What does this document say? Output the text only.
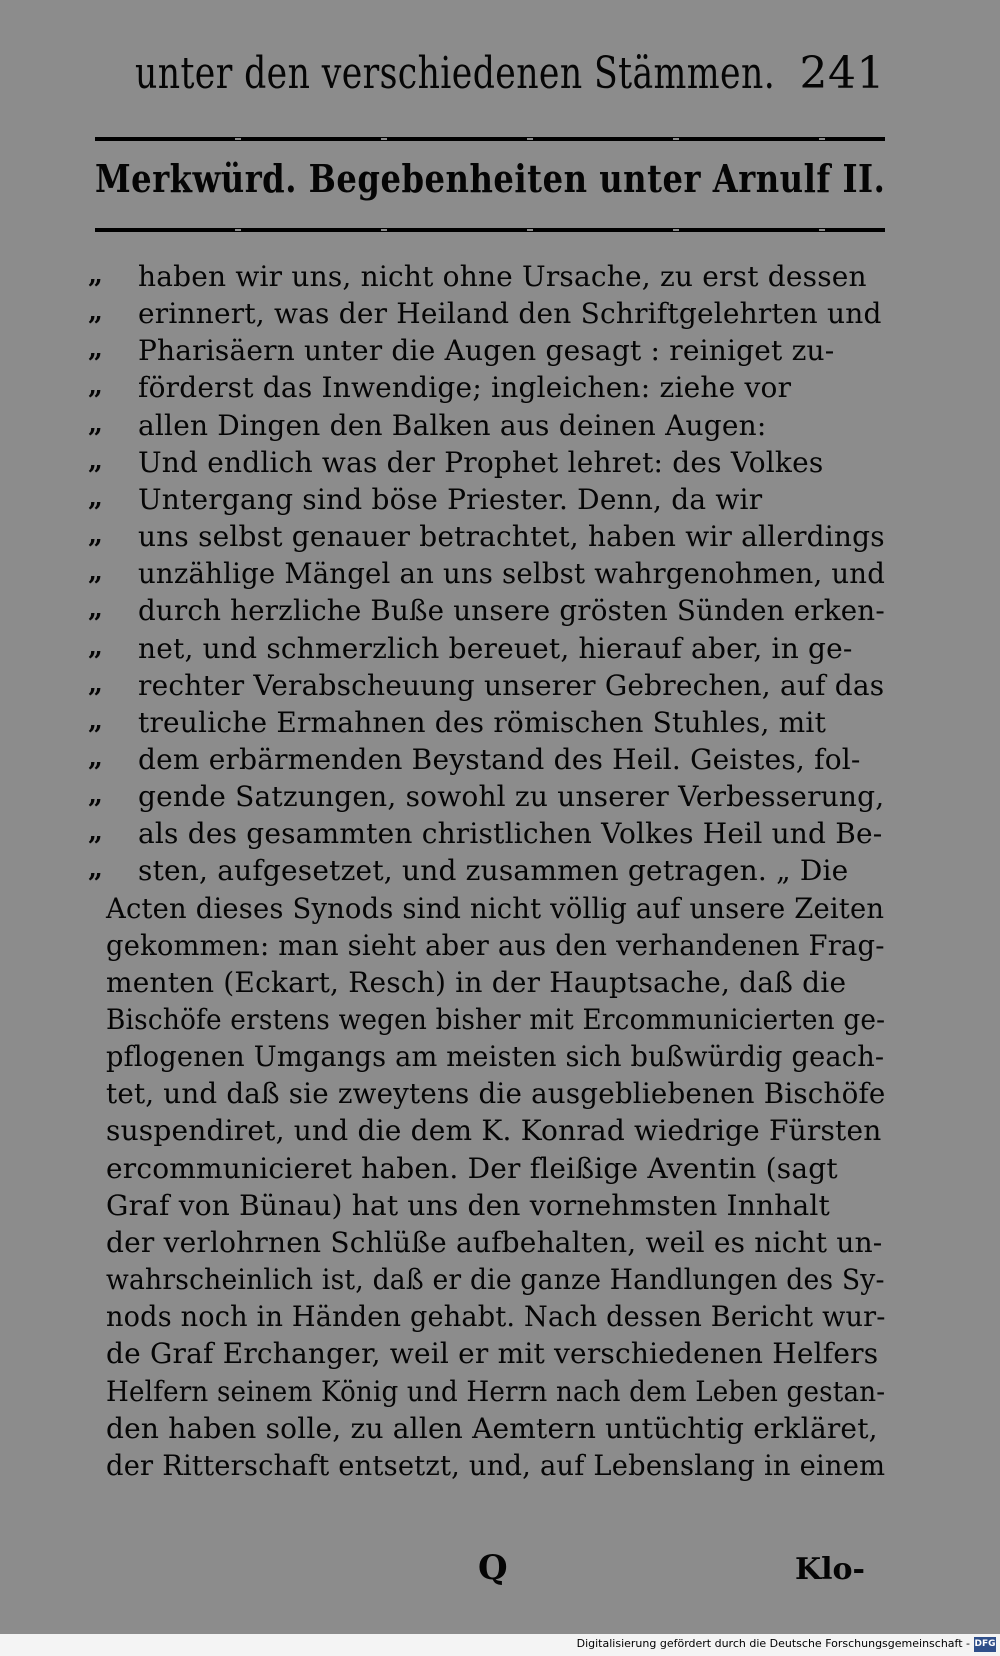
unter den verschiedenen Stämmen. 241
Merkwürd. Begebenheiten unter Arnulf II.
„ haben wir uns, nicht ohne Ursache, zu erst dessen
„ erinnert, was der Heiland den Schriftgelehrten und
„ Pharisäern unter die Augen gesagt : reiniget zu-
„ förderst das Inwendige; ingleichen: ziehe vor
„ allen Dingen den Balken aus deinen Augen:
„ Und endlich was der Prophet lehret: des Volkes
„ Untergang sind böse Priester. Denn, da wir
„ uns selbst genauer betrachtet, haben wir allerdings
„ unzählige Mängel an uns selbst wahrgenohmen, und
„ durch herzliche Buße unsere grösten Sünden erken-
„ net, und schmerzlich bereuet, hierauf aber, in ge-
„ rechter Verabscheuung unserer Gebrechen, auf das
„ treuliche Ermahnen des römischen Stuhles, mit
„ dem erbärmenden Beystand des Heil. Geistes, fol-
„ gende Satzungen, sowohl zu unserer Verbesserung,
„ als des gesammten christlichen Volkes Heil und Be-
„ sten, aufgesetzet, und zusammen getragen. „ Die
Acten dieses Synods sind nicht völlig auf unsere Zeiten
gekommen: man sieht aber aus den verhandenen Frag-
menten (Eckart, Resch) in der Hauptsache, daß die
Bischöfe erstens wegen bisher mit Ercommunicierten ge-
pflogenen Umgangs am meisten sich bußwürdig geach-
tet, und daß sie zweytens die ausgebliebenen Bischöfe
suspendiret, und die dem K. Konrad wiedrige Fürsten
ercommunicieret haben. Der fleißige Aventin (sagt
Graf von Bünau) hat uns den vornehmsten Innhalt
der verlohrnen Schlüße aufbehalten, weil es nicht un-
wahrscheinlich ist, daß er die ganze Handlungen des Sy-
nods noch in Händen gehabt. Nach dessen Bericht wur-
de Graf Erchanger, weil er mit verschiedenen Helfers
Helfern seinem König und Herrn nach dem Leben gestan-
den haben solle, zu allen Aemtern untüchtig erkläret,
der Ritterschaft entsetzt, und, auf Lebenslang in einem
Q	Klo-
Digitalisierung gefördert durch die Deutsche Forschungsgemeinschaft - DFG
